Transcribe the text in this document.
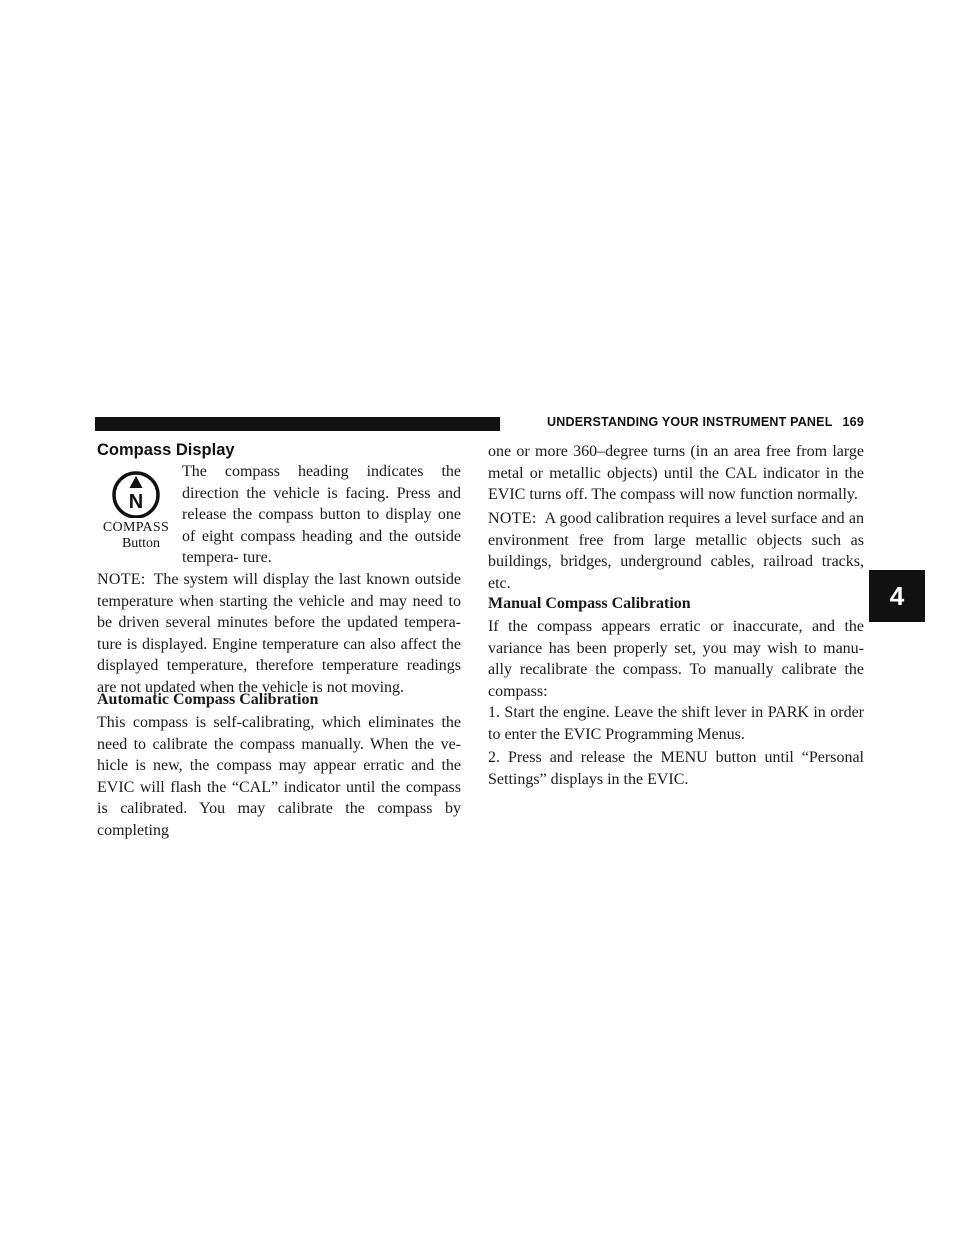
UNDERSTANDING YOUR INSTRUMENT PANEL 169
Compass Display
N
COMPASS
Button

The compass heading indicates the direction the vehicle is facing. Press and release the compass button to display one of eight compass heading and the outside tempera- ture.

NOTE: The system will display the last known outside temperature when starting the vehicle and may need to be driven several minutes before the updated tempera- ture is displayed. Engine temperature can also affect the displayed temperature, therefore temperature readings are not updated when the vehicle is not moving.

Automatic Compass Calibration

This compass is self-calibrating, which eliminates the need to calibrate the compass manually. When the ve- hicle is new, the compass may appear erratic and the EVIC will flash the “CAL” indicator until the compass is calibrated. You may calibrate the compass by completing

one or more 360–degree turns (in an area free from large metal or metallic objects) until the CAL indicator in the EVIC turns off. The compass will now function normally.

NOTE: A good calibration requires a level surface and an environment free from large metallic objects such as buildings, bridges, underground cables, railroad tracks, etc.

Manual Compass Calibration

If the compass appears erratic or inaccurate, and the variance has been properly set, you may wish to manu- ally recalibrate the compass. To manually calibrate the compass:

1. Start the engine. Leave the shift lever in PARK in order to enter the EVIC Programming Menus.

2. Press and release the MENU button until “Personal Settings” displays in the EVIC.

4
